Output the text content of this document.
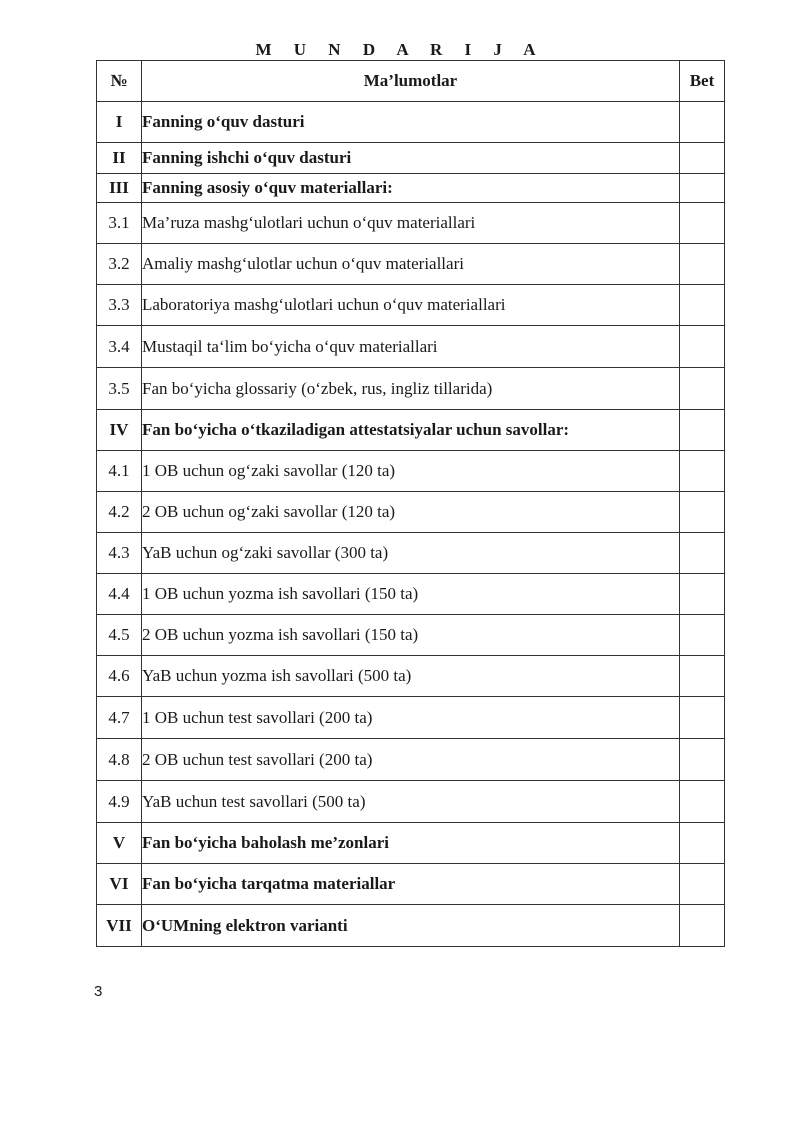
M U N D A R I J A
№	Ma’lumotlar	Bet
I	Fanning o‘quv dasturi	
II	Fanning ishchi o‘quv dasturi	
III	Fanning asosiy o‘quv materiallari:	
3.1	Ma’ruza mashg‘ulotlari uchun o‘quv materiallari	
3.2	Amaliy mashg‘ulotlar uchun o‘quv materiallari	
3.3	Laboratoriya mashg‘ulotlari uchun o‘quv materiallari	
3.4	Mustaqil ta‘lim bo‘yicha o‘quv materiallari	
3.5	Fan bo‘yicha glossariy (o‘zbek, rus, ingliz tillarida)	
IV	Fan bo‘yicha o‘tkaziladigan attestatsiyalar uchun savollar:	
4.1	1 OB uchun og‘zaki savollar (120 ta)	
4.2	2 OB uchun og‘zaki savollar (120 ta)	
4.3	YaB uchun og‘zaki savollar (300 ta)	
4.4	1 OB uchun yozma ish savollari (150 ta)	
4.5	2 OB uchun yozma ish savollari (150 ta)	
4.6	YaB uchun yozma ish savollari (500 ta)	
4.7	1 OB uchun test savollari (200 ta)	
4.8	2 OB uchun test savollari (200 ta)	
4.9	YaB uchun test savollari (500 ta)	
V	Fan bo‘yicha baholash me’zonlari	
VI	Fan bo‘yicha tarqatma materiallar	
VII	O‘UMning elektron varianti	
3
